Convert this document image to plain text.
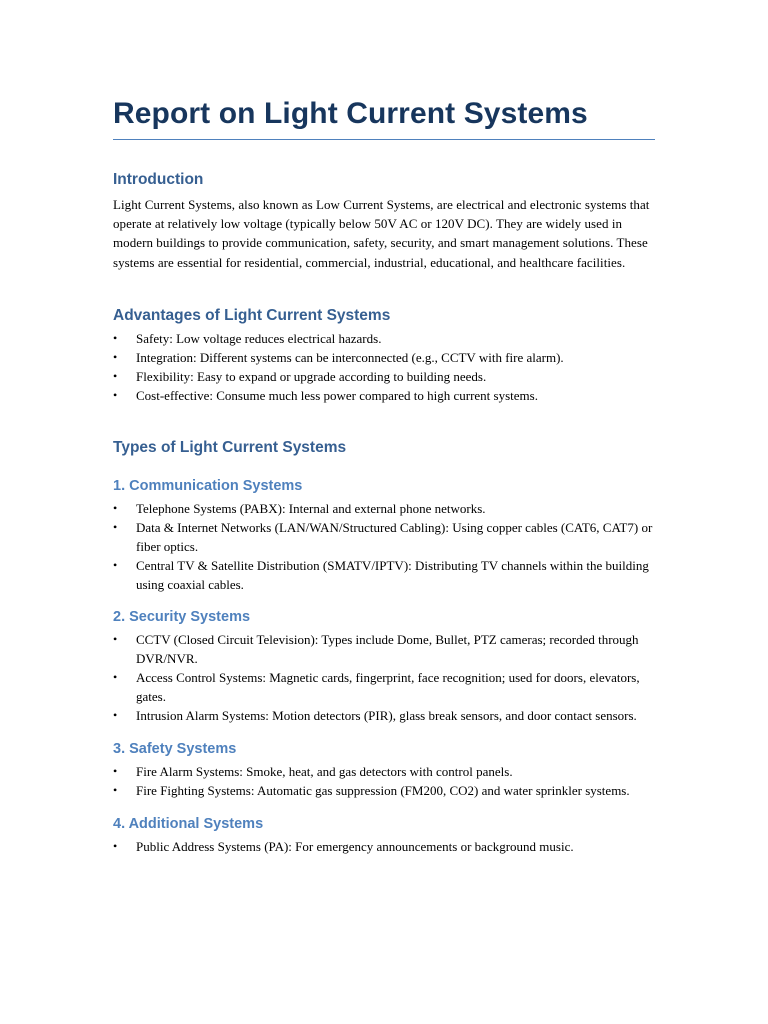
Report on Light Current Systems
Introduction

Light Current Systems, also known as Low Current Systems, are electrical and electronic systems that operate at relatively low voltage (typically below 50V AC or 120V DC). They are widely used in modern buildings to provide communication, safety, security, and smart management solutions. These systems are essential for residential, commercial, industrial, educational, and healthcare facilities.

Advantages of Light Current Systems
• Safety: Low voltage reduces electrical hazards.
• Integration: Different systems can be interconnected (e.g., CCTV with fire alarm).
• Flexibility: Easy to expand or upgrade according to building needs.
• Cost-effective: Consume much less power compared to high current systems.
Types of Light Current Systems
1. Communication Systems
• Telephone Systems (PABX): Internal and external phone networks.
• Data & Internet Networks (LAN/WAN/Structured Cabling): Using copper cables (CAT6, CAT7) or fiber optics.
• Central TV & Satellite Distribution (SMATV/IPTV): Distributing TV channels within the building using coaxial cables.
2. Security Systems
• CCTV (Closed Circuit Television): Types include Dome, Bullet, PTZ cameras; recorded through DVR/NVR.
• Access Control Systems: Magnetic cards, fingerprint, face recognition; used for doors, elevators, gates.
• Intrusion Alarm Systems: Motion detectors (PIR), glass break sensors, and door contact sensors.
3. Safety Systems
• Fire Alarm Systems: Smoke, heat, and gas detectors with control panels.
• Fire Fighting Systems: Automatic gas suppression (FM200, CO2) and water sprinkler systems.
4. Additional Systems
• Public Address Systems (PA): For emergency announcements or background music.
